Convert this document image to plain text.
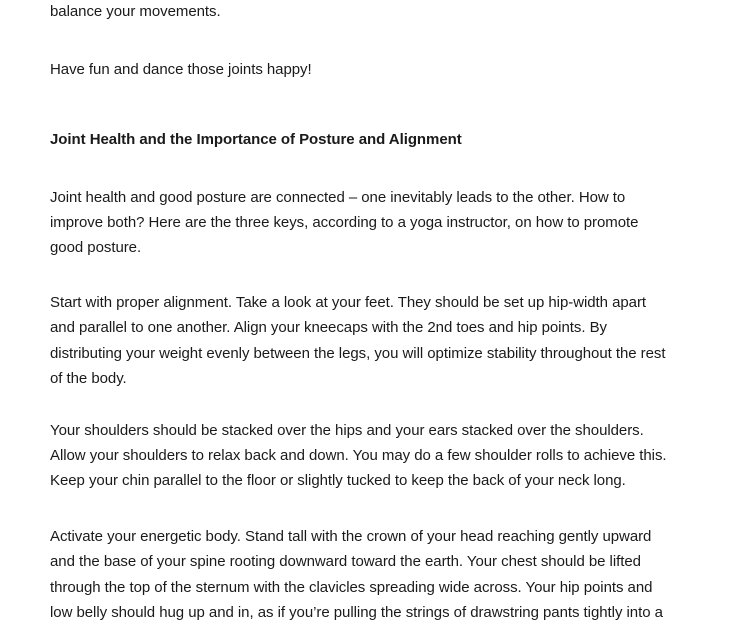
balance your movements.
Have fun and dance those joints happy!
Joint Health and the Importance of Posture and Alignment
Joint health and good posture are connected – one inevitably leads to the other. How to
improve both? Here are the three keys, according to a yoga instructor, on how to promote
good posture.
Start with proper alignment. Take a look at your feet. They should be set up hip-width apart
and parallel to one another. Align your kneecaps with the 2nd toes and hip points. By
distributing your weight evenly between the legs, you will optimize stability throughout the rest
of the body.
Your shoulders should be stacked over the hips and your ears stacked over the shoulders.
Allow your shoulders to relax back and down. You may do a few shoulder rolls to achieve this.
Keep your chin parallel to the floor or slightly tucked to keep the back of your neck long.
Activate your energetic body. Stand tall with the crown of your head reaching gently upward
and the base of your spine rooting downward toward the earth. Your chest should be lifted
through the top of the sternum with the clavicles spreading wide across. Your hip points and
low belly should hug up and in, as if you’re pulling the strings of drawstring pants tightly into a
